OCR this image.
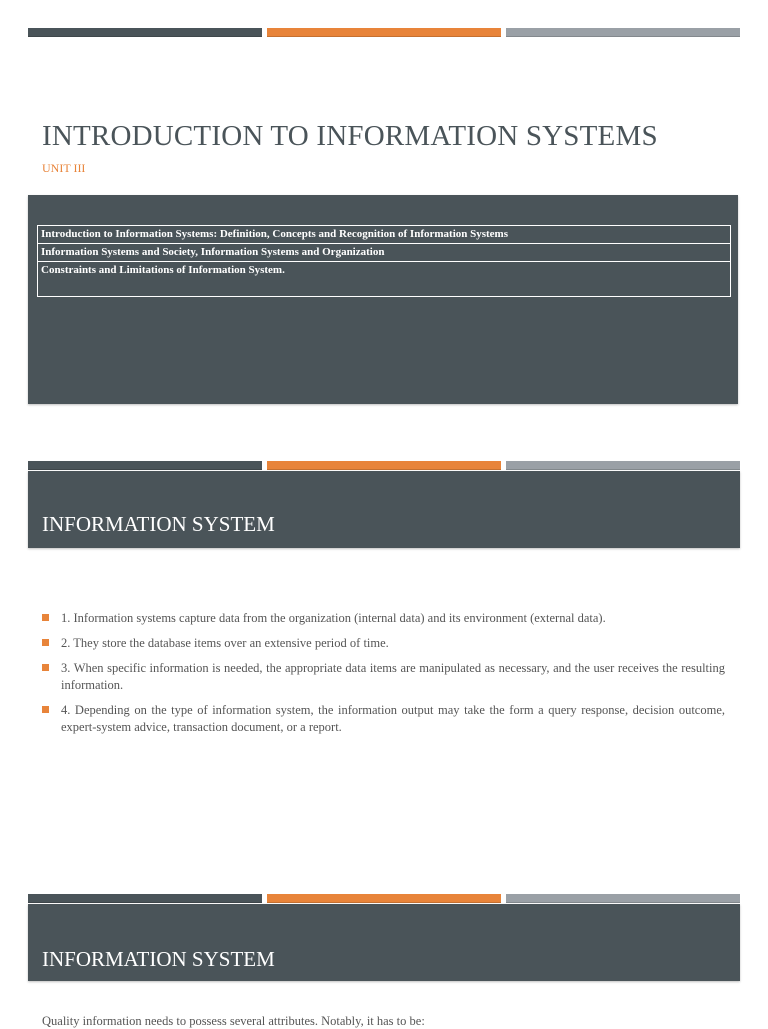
INTRODUCTION TO INFORMATION SYSTEMS
UNIT III
Introduction to Information Systems: Definition, Concepts and Recognition of Information Systems
Information Systems and Society, Information Systems and Organization
Constraints and Limitations of Information System.
INFORMATION SYSTEM
1. Information systems capture data from the organization (internal data) and its environment (external data).
2. They store the database items over an extensive period of time.
3. When specific information is needed, the appropriate data items are manipulated as necessary, and the user receives the resulting information.
4. Depending on the type of information system, the information output may take the form a query response, decision outcome, expert-system advice, transaction document, or a report.
INFORMATION SYSTEM
Quality information needs to possess several attributes. Notably, it has to be:
